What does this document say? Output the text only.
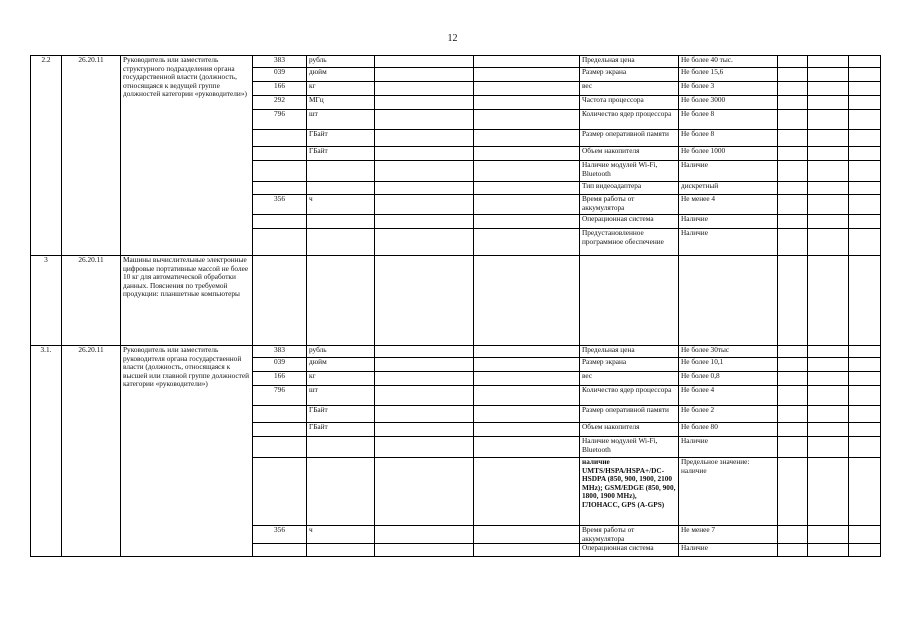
12
2.2	26.20.11	Руководитель или заместитель структурного подразделения органа государственной власти (должность, относящаяся к ведущей группе должностей категории «руководители»)	383	рубль			Предельная цена	Не более 40 тыс.			
			039	дюйм			Размер экрана	Не более 15,6			
			166	кг			вес	Не более 3			
			292	МГц			Частота процессора	Не более 3000			
			796	шт			Количество ядер процессора	Не более 8			
				ГБайт			Размер оперативной памяти	Не более 8			
				ГБайт			Объем накопителя	Не более 1000			
							Наличие модулей Wi-Fi, Bluetooth	Наличие			
							Тип видеоадаптера	дискретный			
			356	ч			Время работы от аккумулятора	Не менее 4			
							Операционная система	Наличие			
							Предустановленное программное обеспечение	Наличие			
3	26.20.11	Машины вычислительные электронные цифровые портативные массой не более 10 кг для автоматической обработки данных. Пояснения по требуемой продукции: планшетные компьютеры									
3.1.	26.20.11	Руководитель или заместитель руководителя органа государственной власти (должность, относящаяся к высшей или главной группе должностей категории «руководители»)	383	рубль			Предельная цена	Не более 30тыс			
			039	дюйм			Размер экрана	Не более 10,1			
			166	кг			вес	Не более 0,8			
			796	шт			Количество ядер процессора	Не более 4			
				ГБайт			Размер оперативной памяти	Не более 2			
				ГБайт			Объем накопителя	Не более 80			
							Наличие модулей Wi-Fi, Bluetooth	Наличие			
							наличие UMTS/HSPA/HSPA+/DC-HSDPA (850, 900, 1900, 2100 MHz); GSM/EDGE (850, 900, 1800, 1900 MHz), ГЛОНАСС, GPS (A-GPS)	Предельное значение: наличие			
			356	ч			Время работы от аккумулятора	Не менее 7			
							Операционная система	Наличие			
